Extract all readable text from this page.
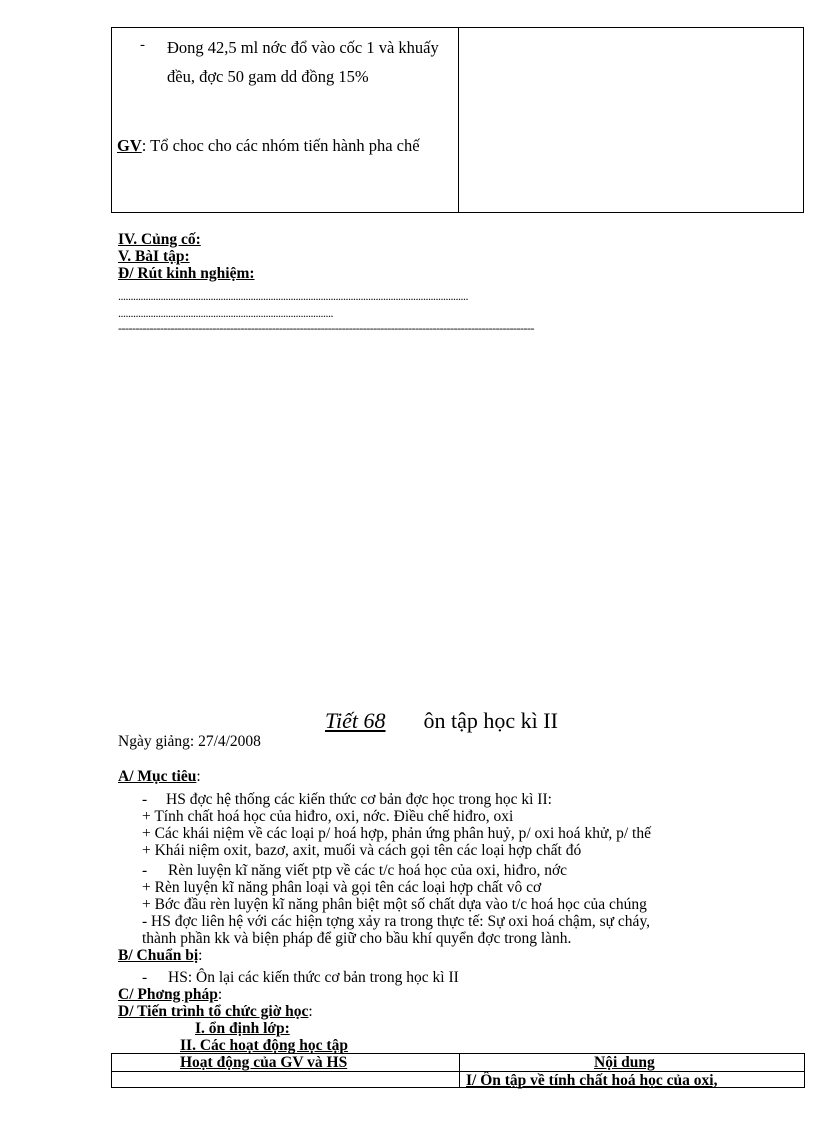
- Đong 42,5 ml nớc đổ vào cốc 1 và khuấy đều, đợc 50 gam dd đồng 15%
GV: Tổ choc cho các nhóm tiến hành pha chế
IV. Củng cố:
V. BàI tập:
Đ/ Rút kinh nghiệm:
............................................................................................................................................
......................................................................................
-----------------------------------------------------------------------------------------------------------------------
Tiết 68 ôn tập học kì II
Ngày giảng: 27/4/2008
A/ Mục tiêu:
- HS đợc hệ thống các kiến thức cơ bản đợc học trong học kì II:
+ Tính chất hoá học của hiđro, oxi, nớc. Điều chế hiđro, oxi
+ Các khái niệm về các loại p/ hoá hợp, phản ứng phân huỷ, p/ oxi hoá khử, p/ thế
+ Khái niệm oxit, bazơ, axit, muối và cách gọi tên các loại hợp chất đó
- Rèn luyện kĩ năng viết ptp về các t/c hoá học của oxi, hiđro, nớc
+ Rèn luyện kĩ năng phân loại và gọi tên các loại hợp chất vô cơ
+ Bớc đầu rèn luyện kĩ năng phân biệt một số chất dựa vào t/c hoá học của chúng
- HS đợc liên hệ với các hiện tợng xảy ra trong thực tế: Sự oxi hoá chậm, sự cháy,
thành phần kk và biện pháp để giữ cho bầu khí quyển đợc trong lành.
B/ Chuẩn bị:
- HS: Ôn lại các kiến thức cơ bản trong học kì II
C/ Phơng pháp:
D/ Tiến trình tổ chức giờ học:
I. ổn định lớp:
II. Các hoạt động học tập
Hoạt động của GV và HS	Nội dung
I/ Ôn tập về tính chất hoá học của oxi,
